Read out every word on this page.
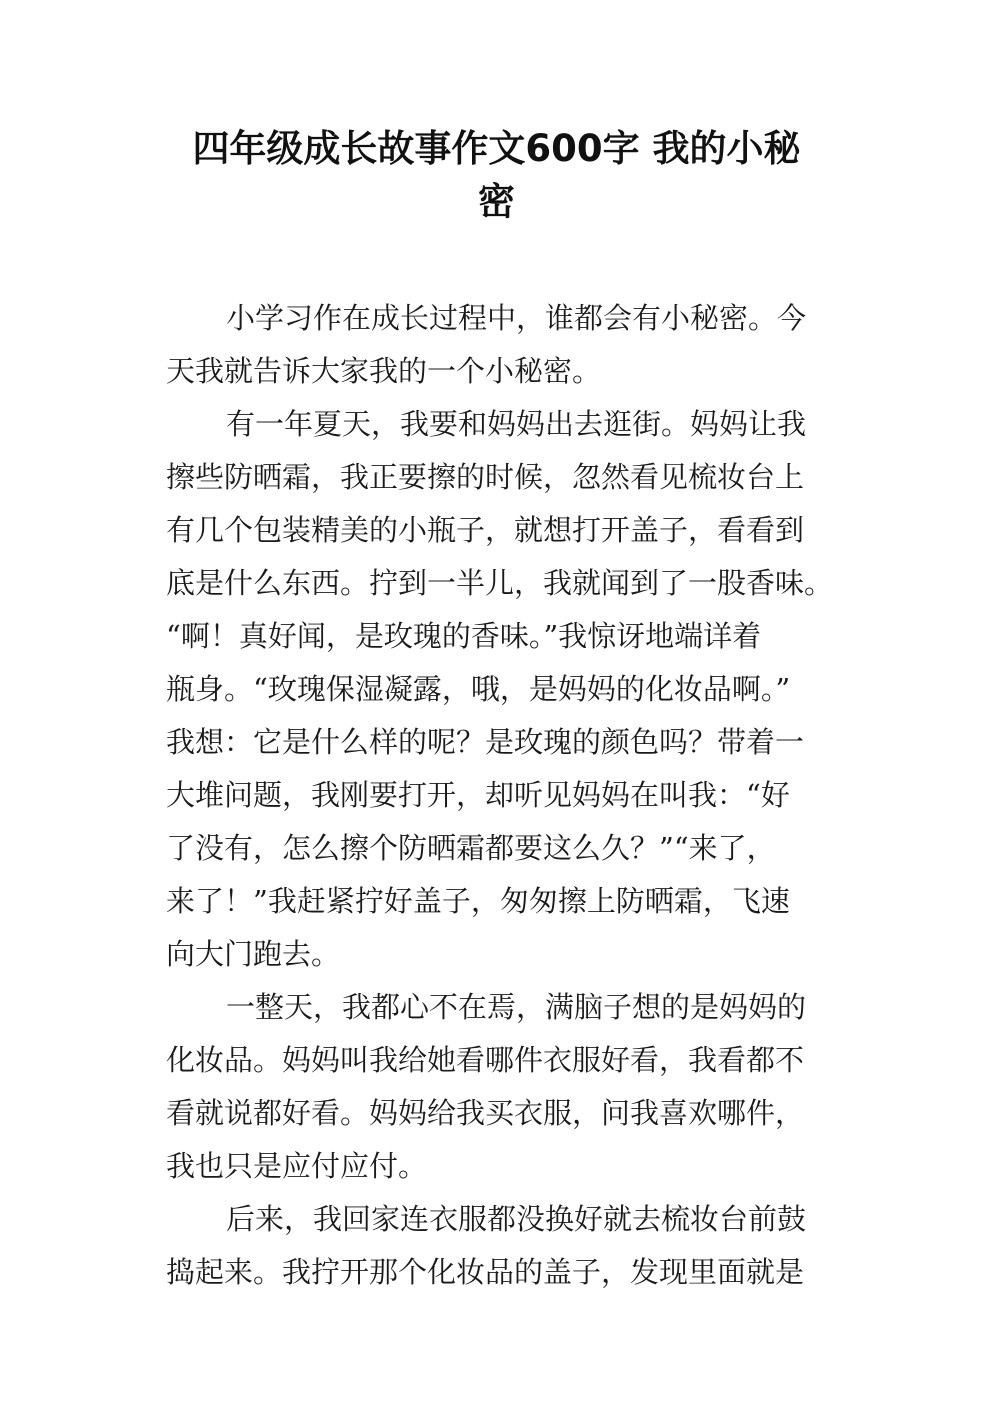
四年级成长故事作文600字 我的小秘
密
小学习作在成长过程中，谁都会有小秘密。今
天我就告诉大家我的一个小秘密。
有一年夏天，我要和妈妈出去逛街。妈妈让我
擦些防晒霜，我正要擦的时候，忽然看见梳妆台上
有几个包装精美的小瓶子，就想打开盖子，看看到
底是什么东西。拧到一半儿，我就闻到了一股香味。
“啊！真好闻，是玫瑰的香味。”我惊讶地端详着
瓶身。“玫瑰保湿凝露，哦，是妈妈的化妆品啊。”
我想：它是什么样的呢？是玫瑰的颜色吗？带着一
大堆问题，我刚要打开，却听见妈妈在叫我：“好
了没有，怎么擦个防晒霜都要这么久？”“来了，
来了！”我赶紧拧好盖子，匆匆擦上防晒霜，飞速
向大门跑去。
一整天，我都心不在焉，满脑子想的是妈妈的
化妆品。妈妈叫我给她看哪件衣服好看，我看都不
看就说都好看。妈妈给我买衣服，问我喜欢哪件，
我也只是应付应付。
后来，我回家连衣服都没换好就去梳妆台前鼓
捣起来。我拧开那个化妆品的盖子，发现里面就是
